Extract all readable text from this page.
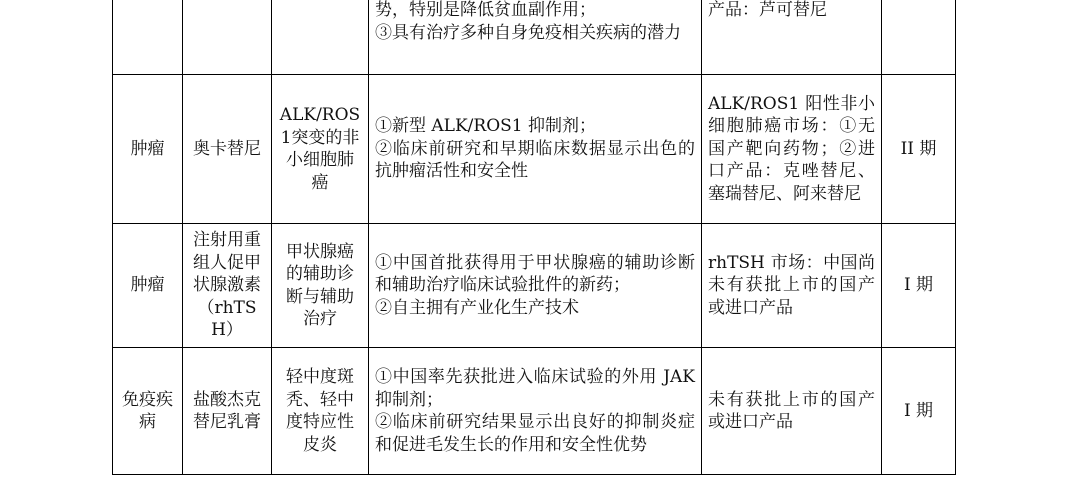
			势，特别是降低贫血副作用；
③具有治疗多种自身免疫相关疾病的潜力	产品：芦可替尼	

肿瘤	奥卡替尼	ALK/ROS1突变的非小细胞肺癌	①新型 ALK/ROS1 抑制剂；
②临床前研究和早期临床数据显示出色的抗肿瘤活性和安全性	ALK/ROS1 阳性非小细胞肺癌市场：①无国产靶向药物；②进口产品：克唑替尼、塞瑞替尼、阿来替尼	II 期
肿瘤	注射用重组人促甲状腺激素（rhTSH）	甲状腺癌的辅助诊断与辅助治疗	①中国首批获得用于甲状腺癌的辅助诊断和辅助治疗临床试验批件的新药；
②自主拥有产业化生产技术	rhTSH 市场：中国尚未有获批上市的国产或进口产品	I 期
免疫疾病	盐酸杰克替尼乳膏	轻中度斑秃、轻中度特应性皮炎	①中国率先获批进入临床试验的外用 JAK 抑制剂；
②临床前研究结果显示出良好的抑制炎症和促进毛发生长的作用和安全性优势	未有获批上市的国产或进口产品	I 期
